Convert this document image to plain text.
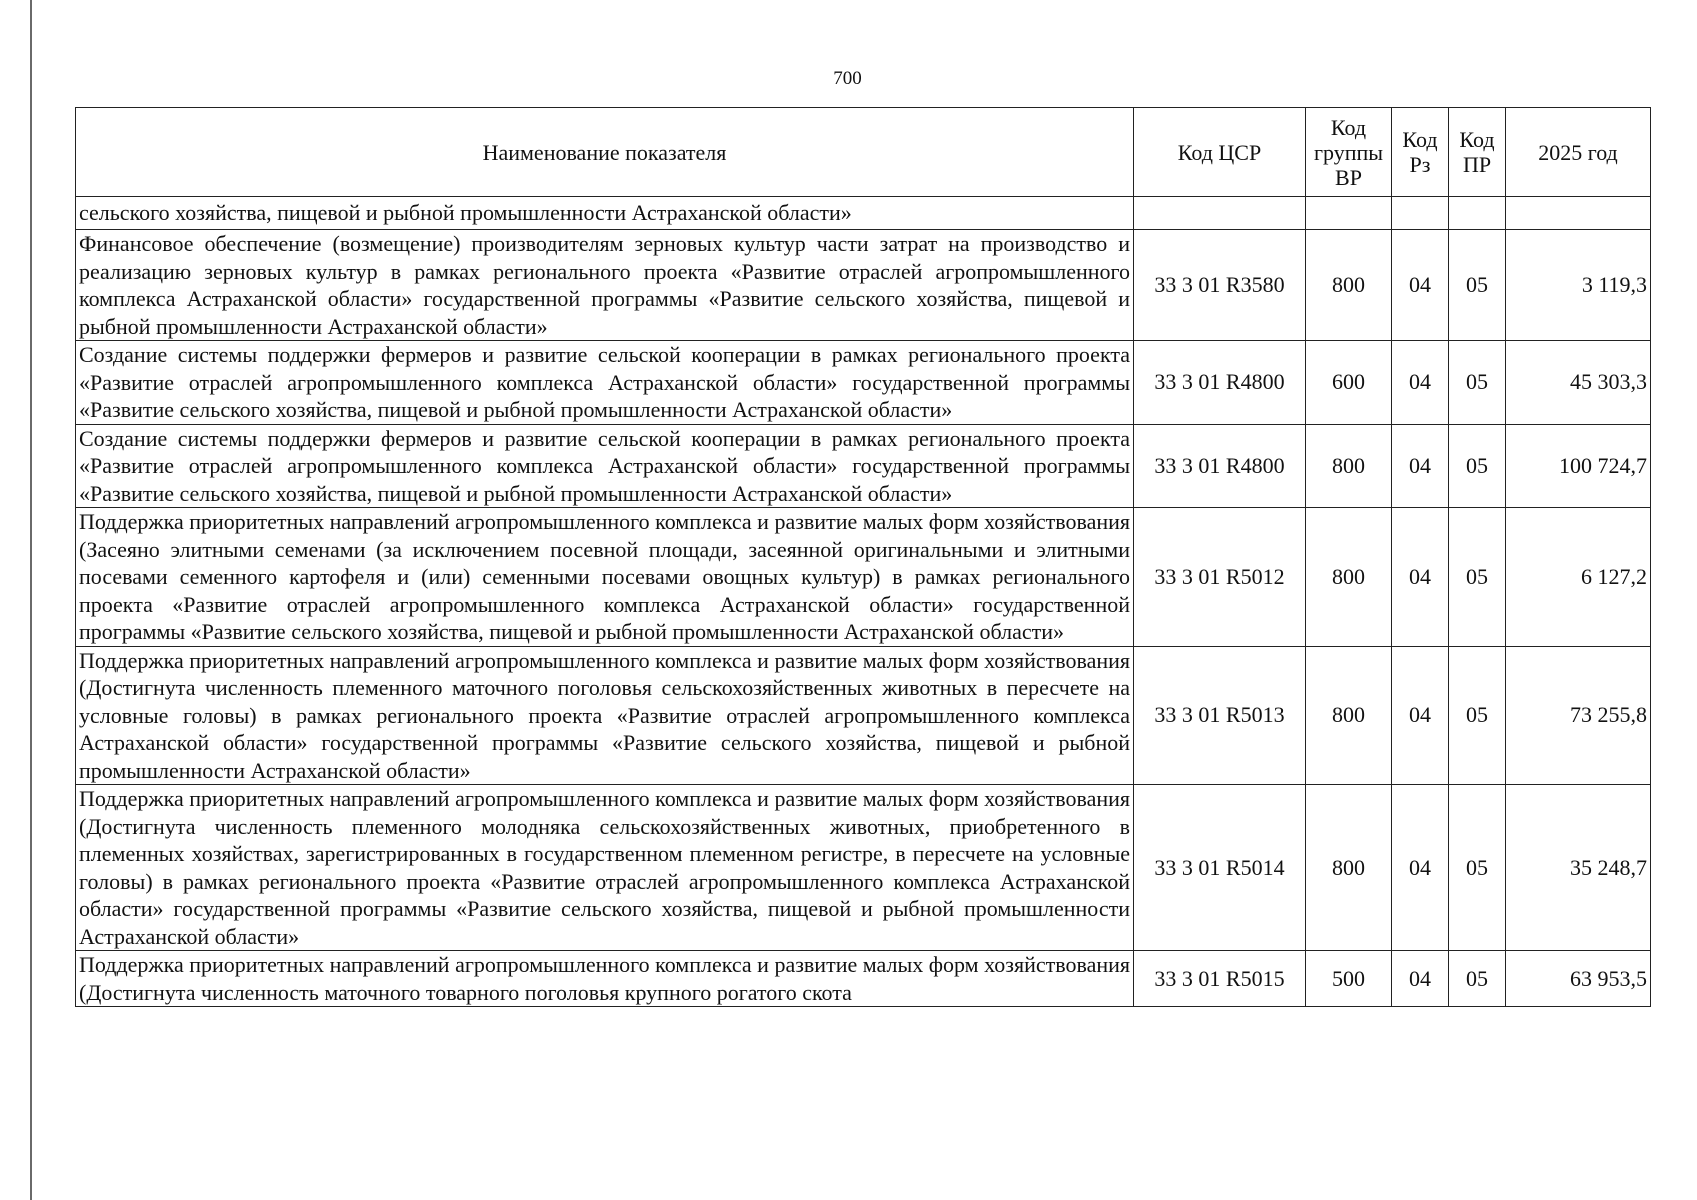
700
Наименование показателя	Код ЦСР	Код группы ВР	Код Рз	Код ПР	2025 год
сельского хозяйства, пищевой и рыбной промышленности Астраханской области»					
Финансовое обеспечение (возмещение) производителям зерновых культур части затрат на производство и реализацию зерновых культур в рамках регионального проекта «Развитие отраслей агропромышленного комплекса Астраханской области» государственной программы «Развитие сельского хозяйства, пищевой и рыбной промышленности Астраханской области»	33 3 01 R3580	800	04	05	3 119,3
Создание системы поддержки фермеров и развитие сельской кооперации в рамках регионального проекта «Развитие отраслей агропромышленного комплекса Астраханской области» государственной программы «Развитие сельского хозяйства, пищевой и рыбной промышленности Астраханской области»	33 3 01 R4800	600	04	05	45 303,3
Создание системы поддержки фермеров и развитие сельской кооперации в рамках регионального проекта «Развитие отраслей агропромышленного комплекса Астраханской области» государственной программы «Развитие сельского хозяйства, пищевой и рыбной промышленности Астраханской области»	33 3 01 R4800	800	04	05	100 724,7
Поддержка приоритетных направлений агропромышленного комплекса и развитие малых форм хозяйствования (Засеяно элитными семенами (за исключением посевной площади, засеянной оригинальными и элитными посевами семенного картофеля и (или) семенными посевами овощных культур) в рамках регионального проекта «Развитие отраслей агропромышленного комплекса Астраханской области» государственной программы «Развитие сельского хозяйства, пищевой и рыбной промышленности Астраханской области»	33 3 01 R5012	800	04	05	6 127,2
Поддержка приоритетных направлений агропромышленного комплекса и развитие малых форм хозяйствования (Достигнута численность племенного маточного поголовья сельскохозяйственных животных в пересчете на условные головы) в рамках регионального проекта «Развитие отраслей агропромышленного комплекса Астраханской области» государственной программы «Развитие сельского хозяйства, пищевой и рыбной промышленности Астраханской области»	33 3 01 R5013	800	04	05	73 255,8
Поддержка приоритетных направлений агропромышленного комплекса и развитие малых форм хозяйствования (Достигнута численность племенного молодняка сельскохозяйственных животных, приобретенного в племенных хозяйствах, зарегистрированных в государственном племенном регистре, в пересчете на условные головы) в рамках регионального проекта «Развитие отраслей агропромышленного комплекса Астраханской области» государственной программы «Развитие сельского хозяйства, пищевой и рыбной промышленности Астраханской области»	33 3 01 R5014	800	04	05	35 248,7
Поддержка приоритетных направлений агропромышленного комплекса и развитие малых форм хозяйствования (Достигнута численность маточного товарного поголовья крупного рогатого скота	33 3 01 R5015	500	04	05	63 953,5
